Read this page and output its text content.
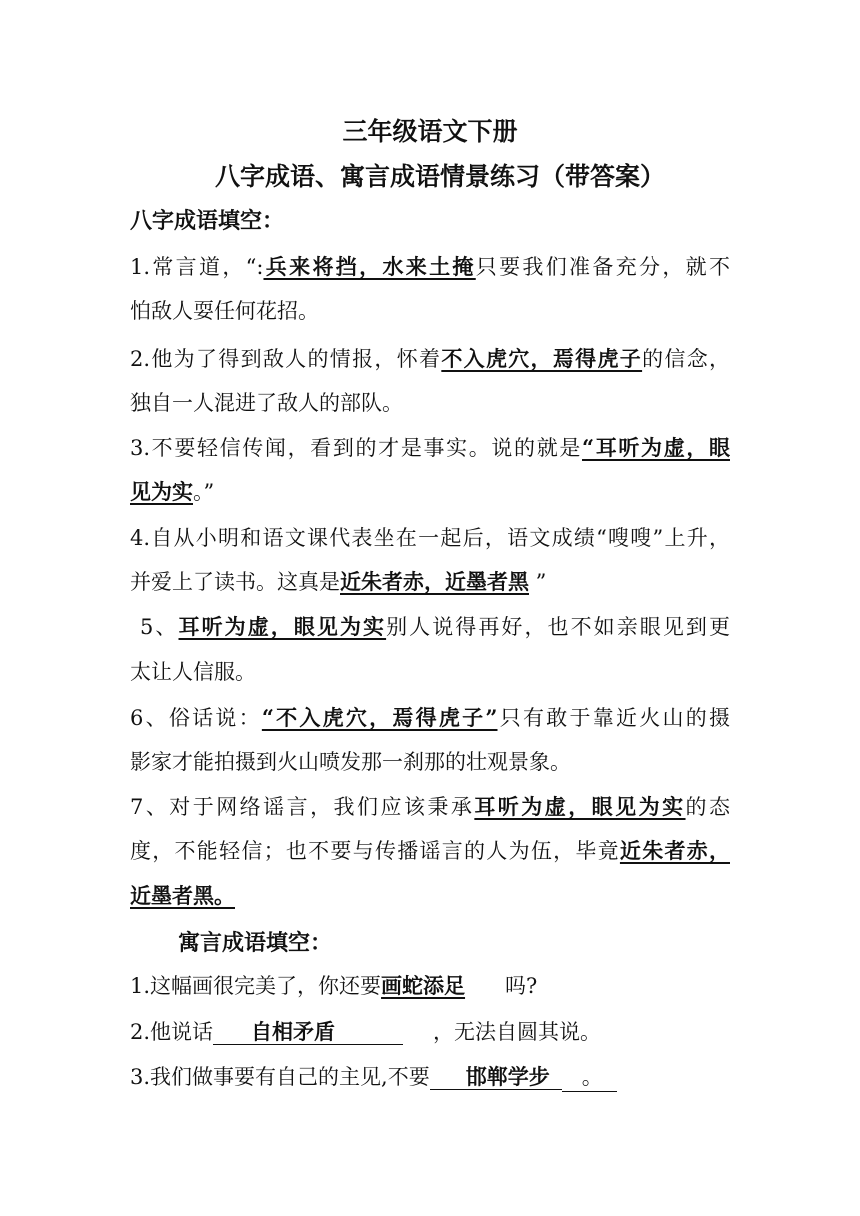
三年级语文下册
八字成语、寓言成语情景练习（带答案）
八字成语填空：
1.常言道，“:兵来将挡，水来土掩只要我们准备充分，就不
怕敌人耍任何花招。
2.他为了得到敌人的情报，怀着不入虎穴，焉得虎子的信念，
独自一人混进了敌人的部队。
3.不要轻信传闻，看到的才是事实。说的就是“耳听为虚，眼
见为实。”
4.自从小明和语文课代表坐在一起后，语文成绩“嗖嗖”上升，
并爱上了读书。这真是近朱者赤，近墨者黑 ”
5、耳听为虚，眼见为实别人说得再好，也不如亲眼见到更
太让人信服。
6、俗话说：“不入虎穴，焉得虎子”只有敢于靠近火山的摄
影家才能拍摄到火山喷发那一刹那的壮观景象。
7、对于网络谣言，我们应该秉承耳听为虚，眼见为实的态
度，不能轻信；也不要与传播谣言的人为伍，毕竟近朱者赤，
近墨者黑。
寓言成语填空：
1.这幅画很完美了，你还要画蛇添足 吗?
2.他说话 自相矛盾	，无法自圆其说。
3.我们做事要有自己的主见,不要 邯郸学步 。
